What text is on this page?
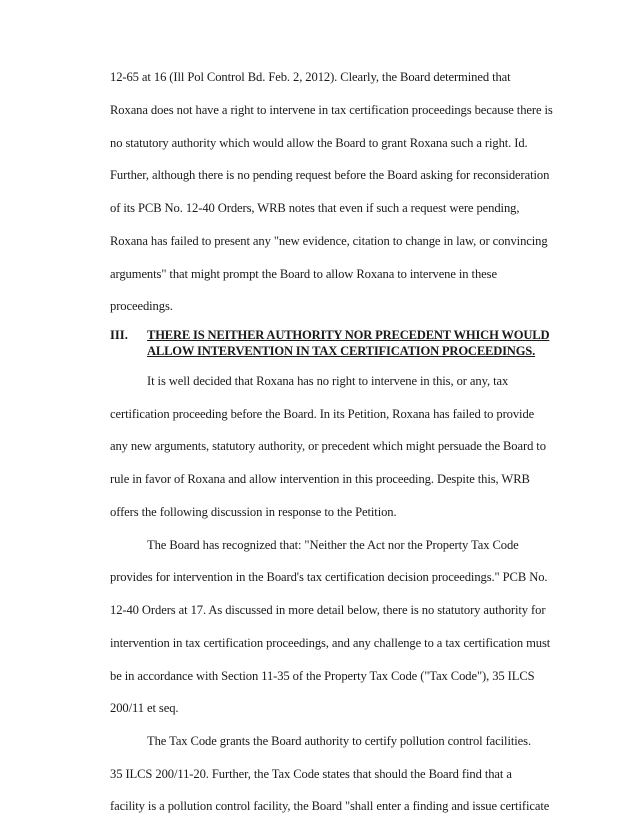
12-65 at 16 (Ill Pol Control Bd. Feb. 2, 2012). Clearly, the Board determined that
Roxana does not have a right to intervene in tax certification proceedings because there is
no statutory authority which would allow the Board to grant Roxana such a right. Id.
Further, although there is no pending request before the Board asking for reconsideration
of its PCB No. 12-40 Orders, WRB notes that even if such a request were pending,
Roxana has failed to present any "new evidence, citation to change in law, or convincing
arguments" that might prompt the Board to allow Roxana to intervene in these
proceedings.
III. THERE IS NEITHER AUTHORITY NOR PRECEDENT WHICH WOULD
ALLOW INTERVENTION IN TAX CERTIFICATION PROCEEDINGS.
It is well decided that Roxana has no right to intervene in this, or any, tax
certification proceeding before the Board. In its Petition, Roxana has failed to provide
any new arguments, statutory authority, or precedent which might persuade the Board to
rule in favor of Roxana and allow intervention in this proceeding. Despite this, WRB
offers the following discussion in response to the Petition.
The Board has recognized that: "Neither the Act nor the Property Tax Code
provides for intervention in the Board's tax certification decision proceedings." PCB No.
12-40 Orders at 17. As discussed in more detail below, there is no statutory authority for
intervention in tax certification proceedings, and any challenge to a tax certification must
be in accordance with Section 11-35 of the Property Tax Code ("Tax Code"), 35 ILCS
200/11 et seq.
The Tax Code grants the Board authority to certify pollution control facilities.
35 ILCS 200/11-20. Further, the Tax Code states that should the Board find that a
facility is a pollution control facility, the Board "shall enter a finding and issue certificate
